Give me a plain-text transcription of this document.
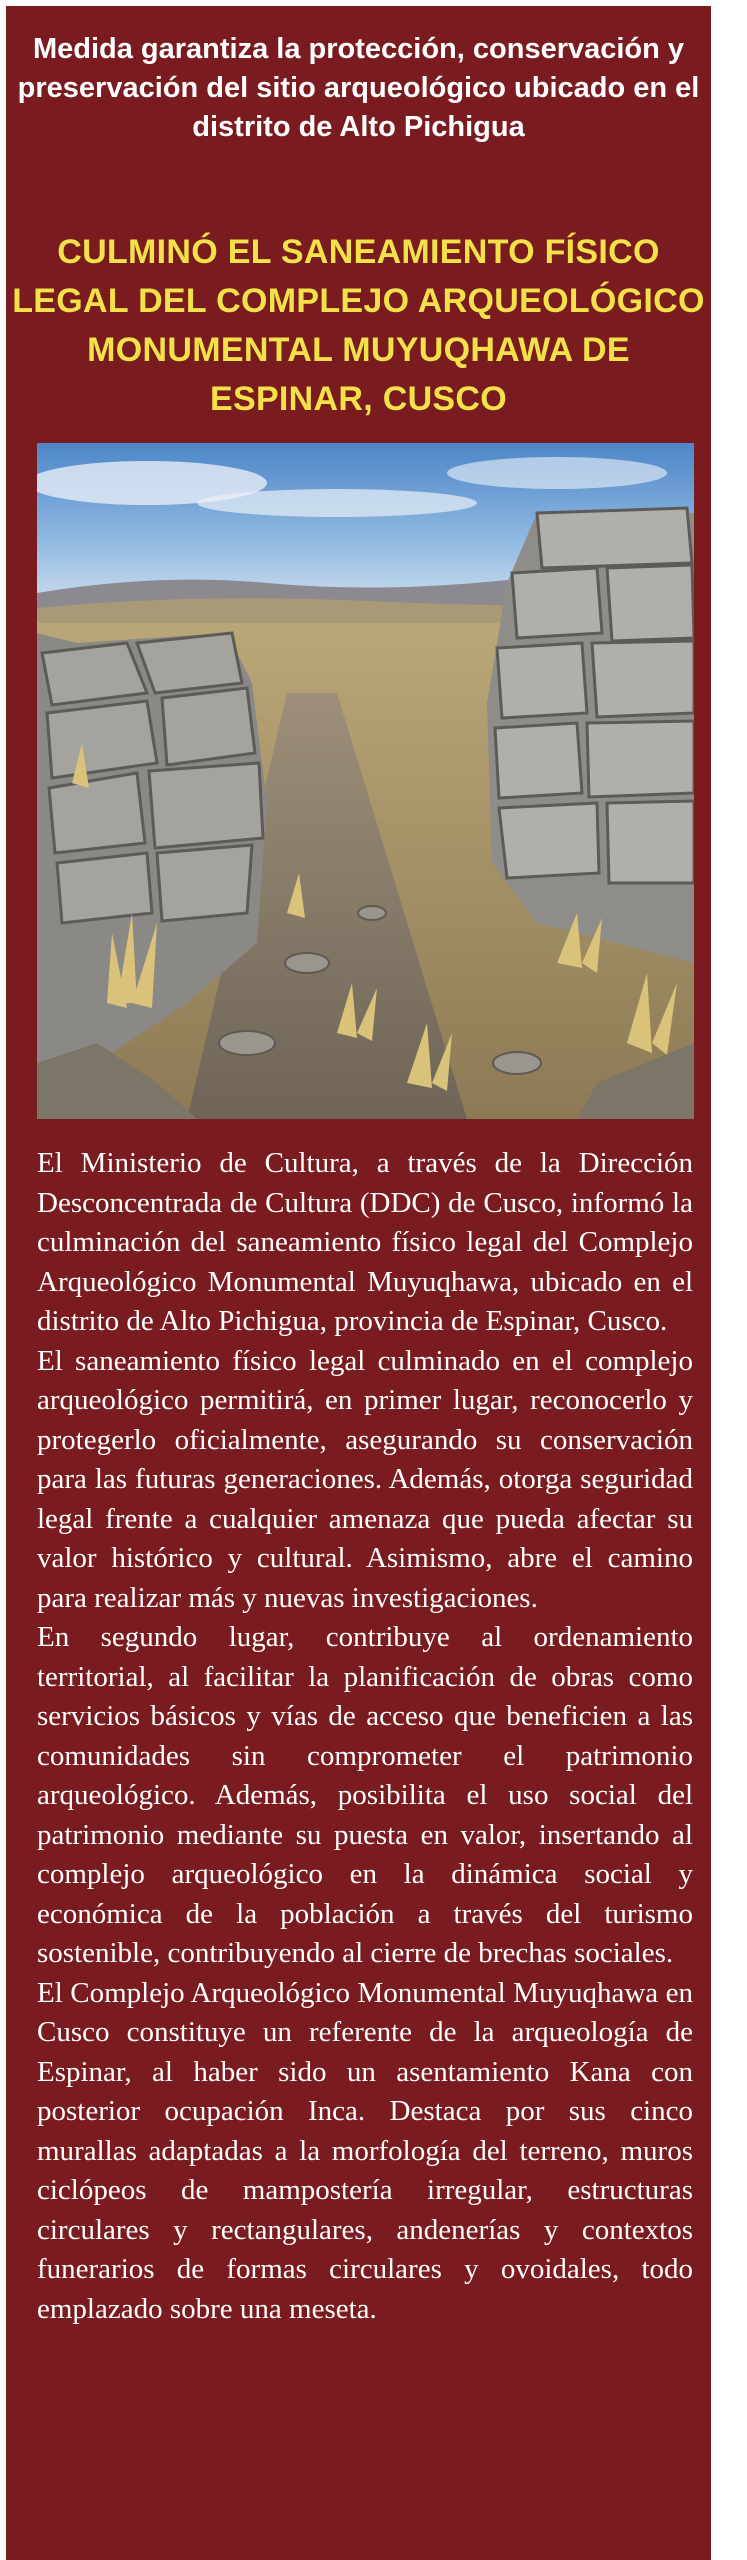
Medida garantiza la protección, conservación y preservación del sitio arqueológico ubicado en el distrito de Alto Pichigua
CULMINÓ EL SANEAMIENTO FÍSICO LEGAL DEL COMPLEJO ARQUEOLÓGICO MONUMENTAL MUYUQHAWA DE ESPINAR, CUSCO

El Ministerio de Cultura, a través de la Dirección Desconcentrada de Cultura (DDC) de Cusco, informó la culminación del saneamiento físico legal del Complejo Arqueológico Monumental Muyuqhawa, ubicado en el distrito de Alto Pichigua, provincia de Espinar, Cusco.

El saneamiento físico legal culminado en el complejo arqueológico permitirá, en primer lugar, reconocerlo y protegerlo oficialmente, asegurando su conservación para las futuras generaciones. Además, otorga seguridad legal frente a cualquier amenaza que pueda afectar su valor histórico y cultural. Asimismo, abre el camino para realizar más y nuevas investigaciones.

En segundo lugar, contribuye al ordenamiento territorial, al facilitar la planificación de obras como servicios básicos y vías de acceso que beneficien a las comunidades sin comprometer el patrimonio arqueológico. Además, posibilita el uso social del patrimonio mediante su puesta en valor, insertando al complejo arqueológico en la dinámica social y económica de la población a través del turismo sostenible, contribuyendo al cierre de brechas sociales.

El Complejo Arqueológico Monumental Muyuqhawa en Cusco constituye un referente de la arqueología de Espinar, al haber sido un asentamiento Kana con posterior ocupación Inca. Destaca por sus cinco murallas adaptadas a la morfología del terreno, muros ciclópeos de mampostería irregular, estructuras circulares y rectangulares, andenerías y contextos funerarios de formas circulares y ovoidales, todo emplazado sobre una meseta.
